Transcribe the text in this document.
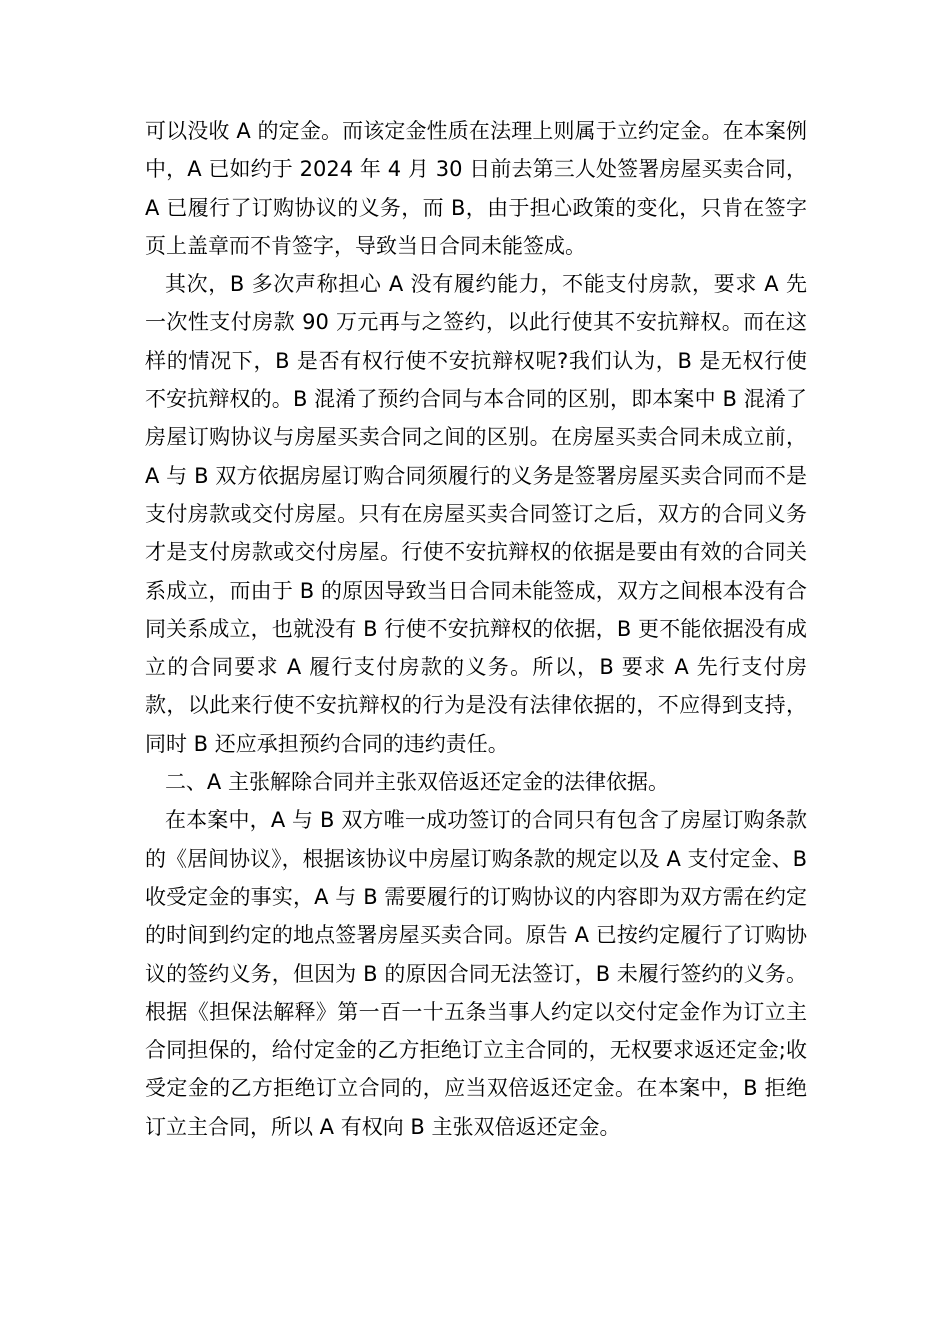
可以没收 A 的定金。而该定金性质在法理上则属于立约定金。在本案例中，A 已如约于 2024 年 4 月 30 日前去第三人处签署房屋买卖合同，A 已履行了订购协议的义务，而 B，由于担心政策的变化，只肯在签字页上盖章而不肯签字，导致当日合同未能签成。

其次，B 多次声称担心 A 没有履约能力，不能支付房款，要求 A 先一次性支付房款 90 万元再与之签约，以此行使其不安抗辩权。而在这样的情况下，B 是否有权行使不安抗辩权呢?我们认为，B 是无权行使不安抗辩权的。B 混淆了预约合同与本合同的区别，即本案中 B 混淆了房屋订购协议与房屋买卖合同之间的区别。在房屋买卖合同未成立前，A 与 B 双方依据房屋订购合同须履行的义务是签署房屋买卖合同而不是支付房款或交付房屋。只有在房屋买卖合同签订之后，双方的合同义务才是支付房款或交付房屋。行使不安抗辩权的依据是要由有效的合同关系成立，而由于 B 的原因导致当日合同未能签成，双方之间根本没有合同关系成立，也就没有 B 行使不安抗辩权的依据，B 更不能依据没有成立的合同要求 A 履行支付房款的义务。所以，B 要求 A 先行支付房款，以此来行使不安抗辩权的行为是没有法律依据的，不应得到支持，同时 B 还应承担预约合同的违约责任。

二、A 主张解除合同并主张双倍返还定金的法律依据。

在本案中，A 与 B 双方唯一成功签订的合同只有包含了房屋订购条款的《居间协议》，根据该协议中房屋订购条款的规定以及 A 支付定金、B 收受定金的事实，A 与 B 需要履行的订购协议的内容即为双方需在约定的时间到约定的地点签署房屋买卖合同。原告 A 已按约定履行了订购协议的签约义务，但因为 B 的原因合同无法签订，B 未履行签约的义务。根据《担保法解释》第一百一十五条当事人约定以交付定金作为订立主合同担保的，给付定金的乙方拒绝订立主合同的，无权要求返还定金;收受定金的乙方拒绝订立合同的，应当双倍返还定金。在本案中，B 拒绝订立主合同，所以 A 有权向 B 主张双倍返还定金。
